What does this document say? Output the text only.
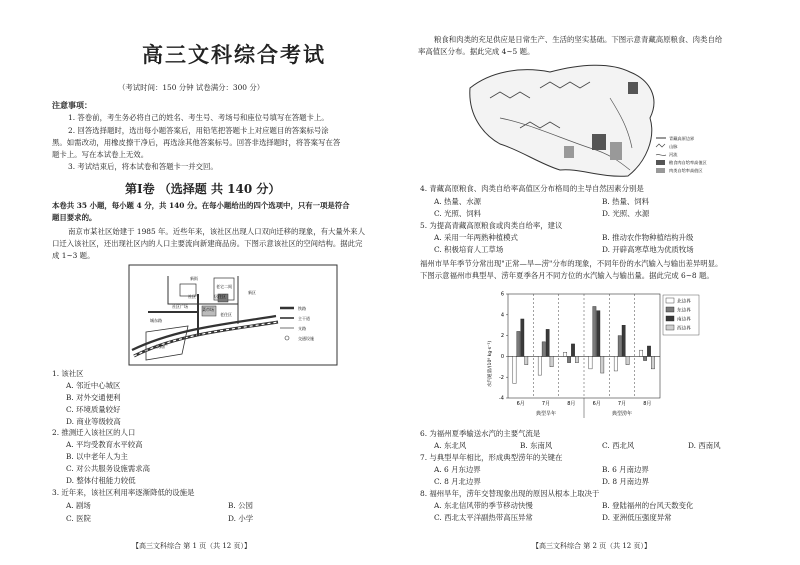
高三文科综合考试
（考试时间：150 分钟 试卷满分：300 分）
注意事项：
1. 答卷前，考生务必将自己的姓名、考生号、考场号和座位号填写在答题卡上。
2. 回答选择题时，选出每小题答案后，用铅笔把答题卡上对应题目的答案标号涂
黑。如需改动，用橡皮擦干净后，再选涂其他答案标号。回答非选择题时，将答案写在答
题卡上。写在本试卷上无效。
3. 考试结束后，将本试卷和答题卡一并交回。
第Ⅰ卷 （选择题 共 140 分）
本卷共 35 小题，每小题 4 分，共 140 分。在每小题给出的四个选项中，只有一项是符合
题目要求的。
南京市某社区始建于 1985 年。近些年来，该社区出现人口双向迁移的现象，有大量外来人
口迁入该社区，还出现社区内的人口主要流向新建商品房。下图示意该社区的空间结构。据此完
成 1~3 题。
新街
社区
老宅二间
居住区
菜市场
社区广场
老住区
城东路
新区
铁路广
铁路
主干道
支路
交通设施
1. 该社区
A. 邻近中心城区
B. 对外交通便利
C. 环境质量较好
D. 商业等级较高
2. 推测迁入该社区的人口
A. 平均受教育水平较高
B. 以中老年人为主
C. 对公共服务设施需求高
D. 整体付租能力较低
3. 近年来，该社区利用率逐渐降低的设施是
A. 剧场	B. 公园
C. 医院	D. 小学
【高三文科综合 第 1 页（共 12 页）】
粮食和肉类的充足供应是日常生产、生活的坚实基础。下图示意青藏高原粮食、肉类自给
率高值区分布。据此完成 4~5 题。
青藏高原边界
山脉
河流
粮食肉自给率高值区
肉类自给率高值区
4. 青藏高原粮食、肉类自给率高值区分布格局的主导自然因素分别是
A. 热量、水源	B. 热量、饲料
C. 光照、饲料	D. 光照、水源
5. 为提高青藏高原粮食或肉类自给率，建议
A. 采用一年两熟种植模式	B. 推动农作物种植结构升级
C. 积极培育人工草场	D. 开辟高寒草地为优质牧场
福州市旱年季节分常出现"正常—旱—涝"分布的现象，不同年份的水汽输入与输出差异明显。
下图示意福州市典型旱、涝年夏季各月不同方位的水汽输入与输出量。据此完成 6~8 题。
-4
-2
0
2
4
6
6月	7月	8月	6月	7月	8月
典型旱年	典型涝年
北边界
东边界
南边界
西边界
水汽通量/(10⁶ kg·s⁻¹)
6. 为福州夏季输送水汽的主要气流是
A. 东北风	B. 东南风	C. 西北风	D. 西南风
7. 与典型旱年相比，形成典型涝年的关键在
A. 6 月东边界	B. 6 月南边界
C. 8 月北边界	D. 8 月南边界
8. 福州旱年，涝年交替现象出现的原因从根本上取决于
A. 东北信风带的季节移动快慢	B. 登陆福州的台风天数变化
C. 西北太平洋副热带高压异常	D. 亚洲低压强度异常
【高三文科综合 第 2 页（共 12 页）】
